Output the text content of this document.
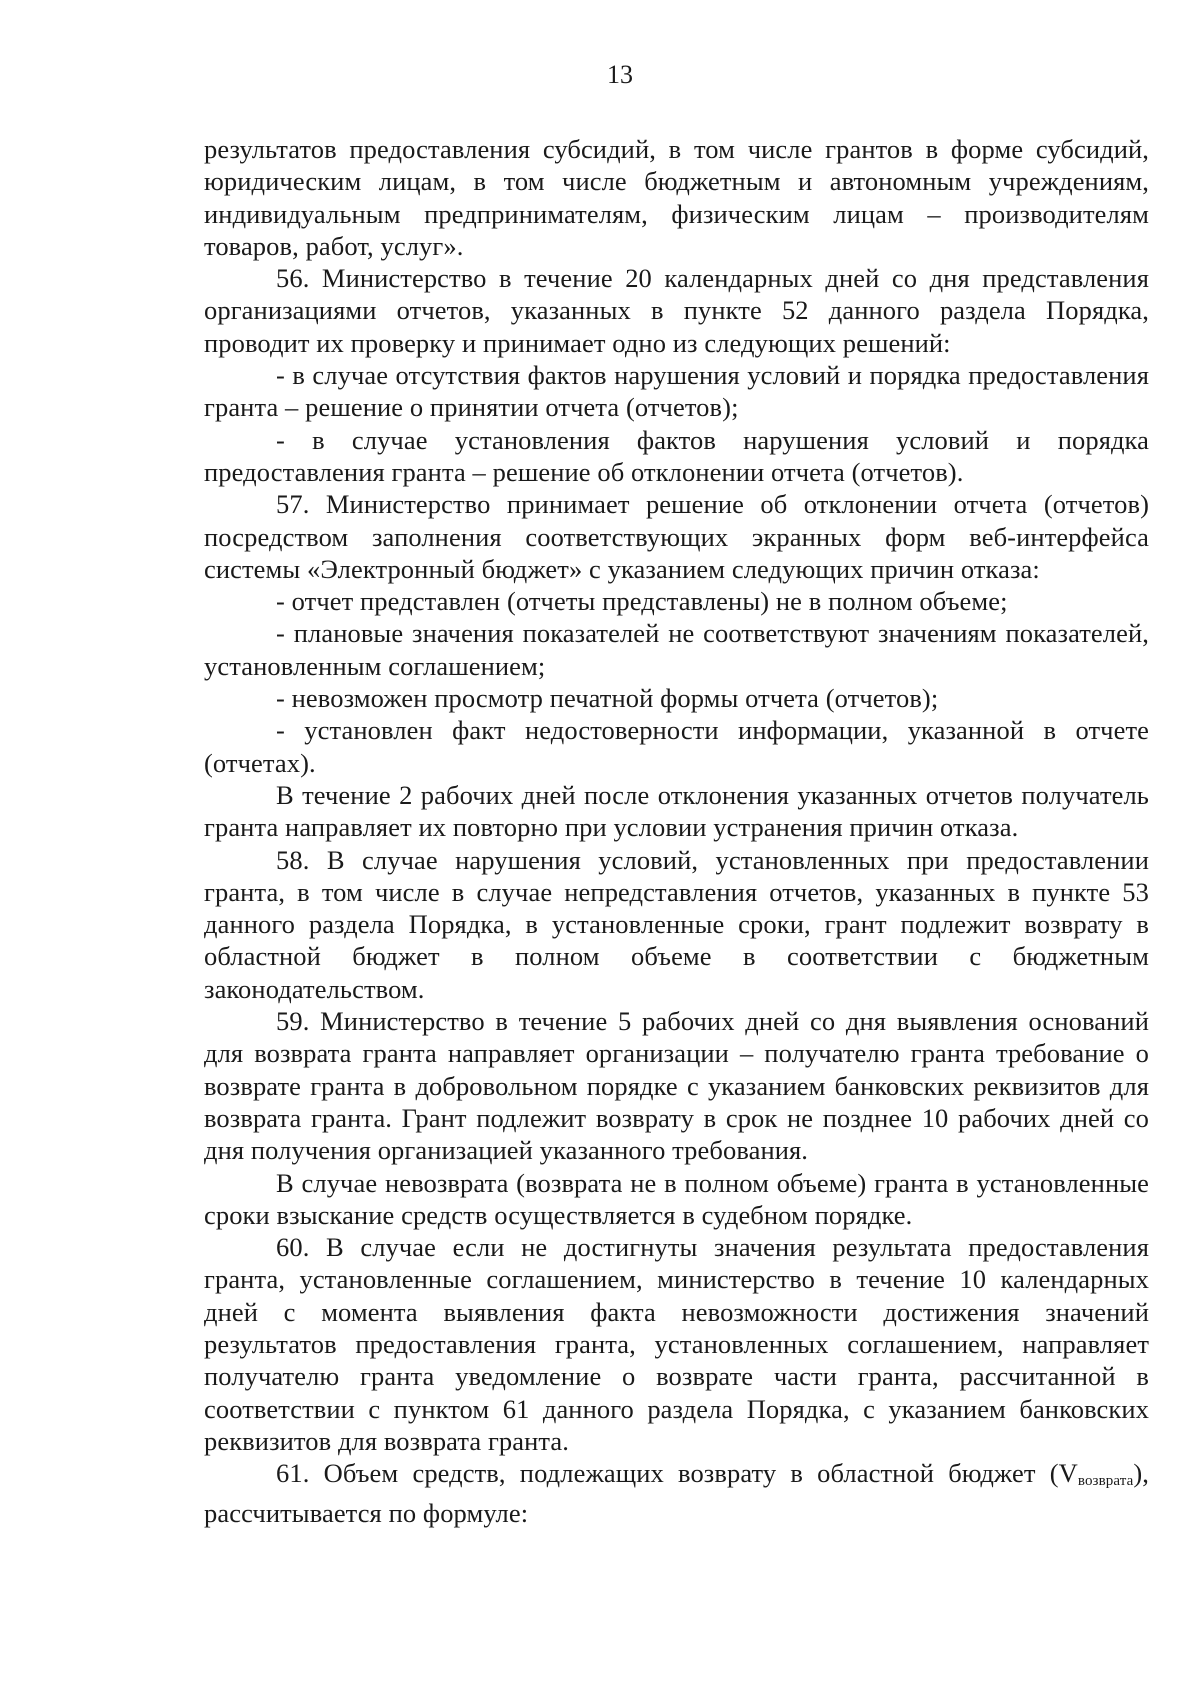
13

результатов предоставления субсидий, в том числе грантов в форме субсидий, юридическим лицам, в том числе бюджетным и автономным учреждениям, индивидуальным предпринимателям, физическим лицам – производителям товаров, работ, услуг».

56. Министерство в течение 20 календарных дней со дня представления организациями отчетов, указанных в пункте 52 данного раздела Порядка, проводит их проверку и принимает одно из следующих решений:

- в случае отсутствия фактов нарушения условий и порядка предоставления гранта – решение о принятии отчета (отчетов);

- в случае установления фактов нарушения условий и порядка предоставления гранта – решение об отклонении отчета (отчетов).

57. Министерство принимает решение об отклонении отчета (отчетов) посредством заполнения соответствующих экранных форм веб-интерфейса системы «Электронный бюджет» с указанием следующих причин отказа:

- отчет представлен (отчеты представлены) не в полном объеме;

- плановые значения показателей не соответствуют значениям показателей, установленным соглашением;

- невозможен просмотр печатной формы отчета (отчетов);

- установлен факт недостоверности информации, указанной в отчете (отчетах).

В течение 2 рабочих дней после отклонения указанных отчетов получатель гранта направляет их повторно при условии устранения причин отказа.

58. В случае нарушения условий, установленных при предоставлении гранта, в том числе в случае непредставления отчетов, указанных в пункте 53 данного раздела Порядка, в установленные сроки, грант подлежит возврату в областной бюджет в полном объеме в соответствии с бюджетным законодательством.

59. Министерство в течение 5 рабочих дней со дня выявления оснований для возврата гранта направляет организации – получателю гранта требование о возврате гранта в добровольном порядке с указанием банковских реквизитов для возврата гранта. Грант подлежит возврату в срок не позднее 10 рабочих дней со дня получения организацией указанного требования.

В случае невозврата (возврата не в полном объеме) гранта в установленные сроки взыскание средств осуществляется в судебном порядке.

60. В случае если не достигнуты значения результата предоставления гранта, установленные соглашением, министерство в течение 10 календарных дней с момента выявления факта невозможности достижения значений результатов предоставления гранта, установленных соглашением, направляет получателю гранта уведомление о возврате части гранта, рассчитанной в соответствии с пунктом 61 данного раздела Порядка, с указанием банковских реквизитов для возврата гранта.

61. Объем средств, подлежащих возврату в областной бюджет $(V_{возврата})$, рассчитывается по формуле:
